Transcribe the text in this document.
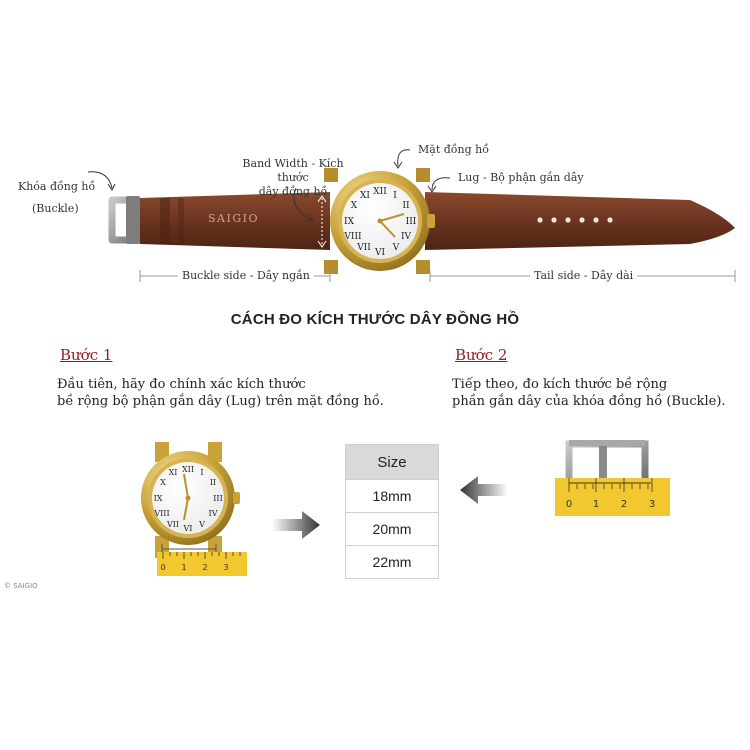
XII I
II
III
IV
V
VI
VII
VIII
IX
X
XI
SAIGIO
Khóa đồng hồ
(Buckle)
Band Width - Kích thước
dây đồng hồ
Mặt đồng hồ
Lug - Bộ phận gắn dây
Buckle side - Dây ngắn	Tail side - Dây dài
CÁCH ĐO KÍCH THƯỚC DÂY ĐỒNG HỒ
Bước 1
Đầu tiên, hãy đo chính xác kích thước
bề rộng bộ phận gắn dây (Lug) trên mặt đồng hồ.
Bước 2
Tiếp theo, đo kích thước bề rộng
phần gắn dây của khóa đồng hồ (Buckle).
XII I
II
III
IV
V
VI
VII
VIII
IX
X
XI
0 1 2 3
Size
18mm
20mm
22mm
0 1 2 3
© SAIGIO
